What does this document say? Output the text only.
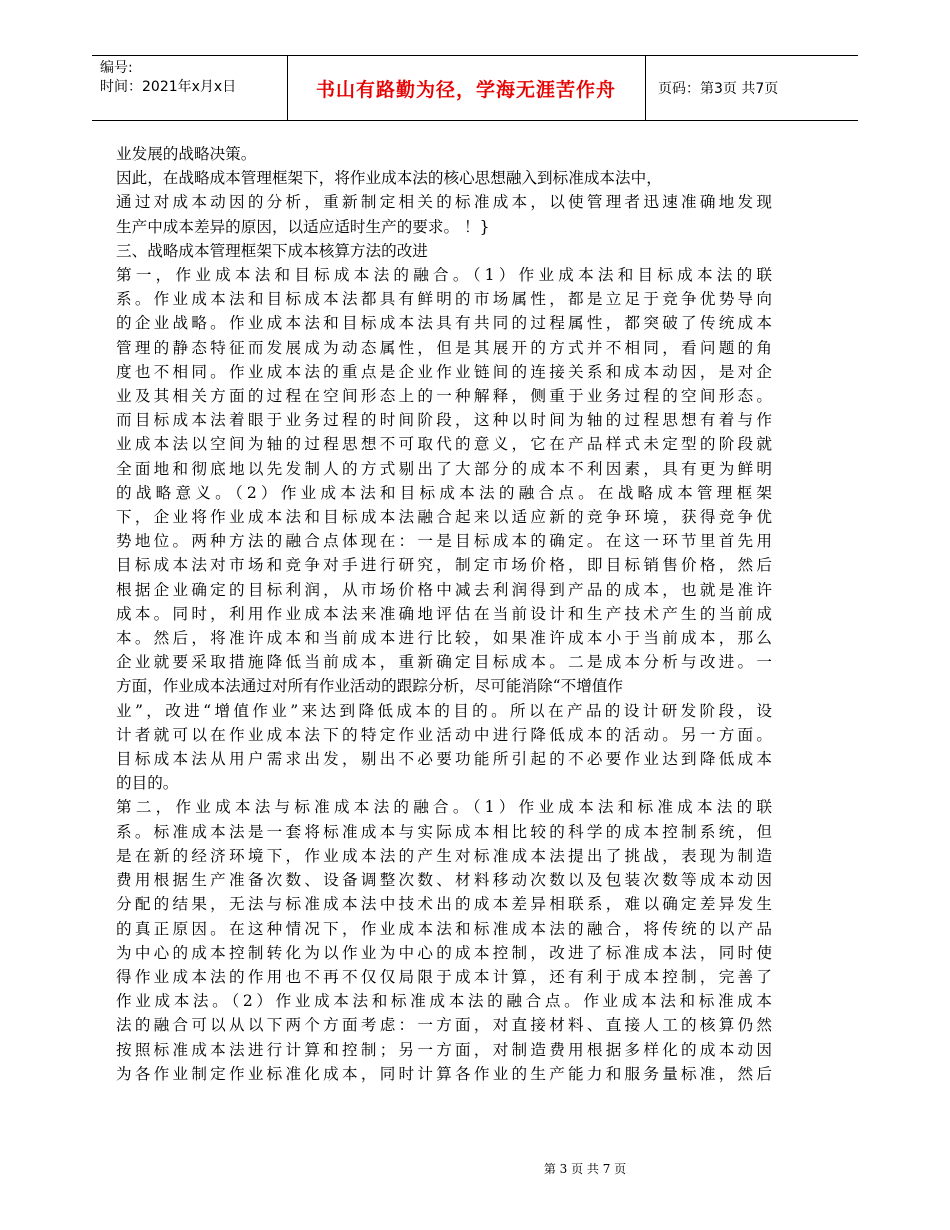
编号:
时间：2021年x月x日	书山有路勤为径，学海无涯苦作舟	页码：第3页 共7页

业发展的战略决策。

因此，在战略成本管理框架下，将作业成本法的核心思想融入到标准成本法中，

通过对成本动因的分析，重新制定相关的标准成本，以使管理者迅速准确地发现

生产中成本差异的原因，以适应适时生产的要求。 ！}

三、战略成本管理框架下成本核算方法的改进

第一，作业成本法和目标成本法的融合。（1）作业成本法和目标成本法的联

系。作业成本法和目标成本法都具有鲜明的市场属性，都是立足于竞争优势导向

的企业战略。作业成本法和目标成本法具有共同的过程属性，都突破了传统成本

管理的静态特征而发展成为动态属性，但是其展开的方式并不相同，看问题的角

度也不相同。作业成本法的重点是企业作业链间的连接关系和成本动因，是对企

业及其相关方面的过程在空间形态上的一种解释，侧重于业务过程的空间形态。

而目标成本法着眼于业务过程的时间阶段，这种以时间为轴的过程思想有着与作

业成本法以空间为轴的过程思想不可取代的意义，它在产品样式未定型的阶段就

全面地和彻底地以先发制人的方式剔出了大部分的成本不利因素，具有更为鲜明

的战略意义。（2）作业成本法和目标成本法的融合点。在战略成本管理框架

下，企业将作业成本法和目标成本法融合起来以适应新的竞争环境，获得竞争优

势地位。两种方法的融合点体现在：一是目标成本的确定。在这一环节里首先用

目标成本法对市场和竞争对手进行研究，制定市场价格，即目标销售价格，然后

根据企业确定的目标利润，从市场价格中减去利润得到产品的成本，也就是准许

成本。同时，利用作业成本法来准确地评估在当前设计和生产技术产生的当前成

本。然后，将准许成本和当前成本进行比较，如果准许成本小于当前成本，那么

企业就要采取措施降低当前成本，重新确定目标成本。二是成本分析与改进。一

方面，作业成本法通过对所有作业活动的跟踪分析，尽可能消除“不增值作

业”，改进“增值作业”来达到降低成本的目的。所以在产品的设计研发阶段，设

计者就可以在作业成本法下的特定作业活动中进行降低成本的活动。另一方面。

目标成本法从用户需求出发，剔出不必要功能所引起的不必要作业达到降低成本

的目的。

第二，作业成本法与标准成本法的融合。（1）作业成本法和标准成本法的联

系。标准成本法是一套将标准成本与实际成本相比较的科学的成本控制系统，但

是在新的经济环境下，作业成本法的产生对标准成本法提出了挑战，表现为制造

费用根据生产准备次数、设备调整次数、材料移动次数以及包装次数等成本动因

分配的结果，无法与标准成本法中技术出的成本差异相联系，难以确定差异发生

的真正原因。在这种情况下，作业成本法和标准成本法的融合，将传统的以产品

为中心的成本控制转化为以作业为中心的成本控制，改进了标准成本法，同时使

得作业成本法的作用也不再不仅仅局限于成本计算，还有利于成本控制，完善了

作业成本法。（2）作业成本法和标准成本法的融合点。作业成本法和标准成本

法的融合可以从以下两个方面考虑：一方面，对直接材料、直接人工的核算仍然

按照标准成本法进行计算和控制；另一方面，对制造费用根据多样化的成本动因

为各作业制定作业标准化成本，同时计算各作业的生产能力和服务量标准，然后

第 3 页 共 7 页
